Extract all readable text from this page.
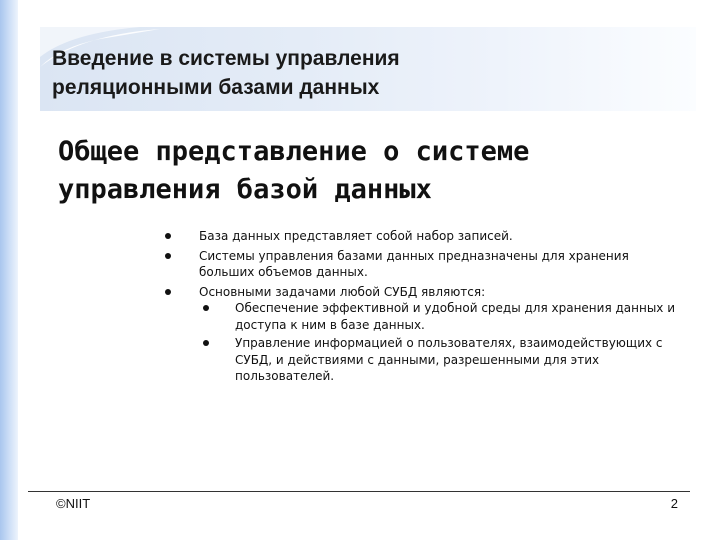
Введение в системы управления
реляционными базами данных
Общее представление о системе
управления базой данных
База данных представляет собой набор записей.
Системы управления базами данных предназначены для хранения больших объемов данных.
Основными задачами любой СУБД являются:
Обеспечение эффективной и удобной среды для хранения данных и доступа к ним в базе данных.
Управление информацией о пользователях, взаимодействующих с СУБД, и действиями с данными, разрешенными для этих пользователей.
©NIIT	2
